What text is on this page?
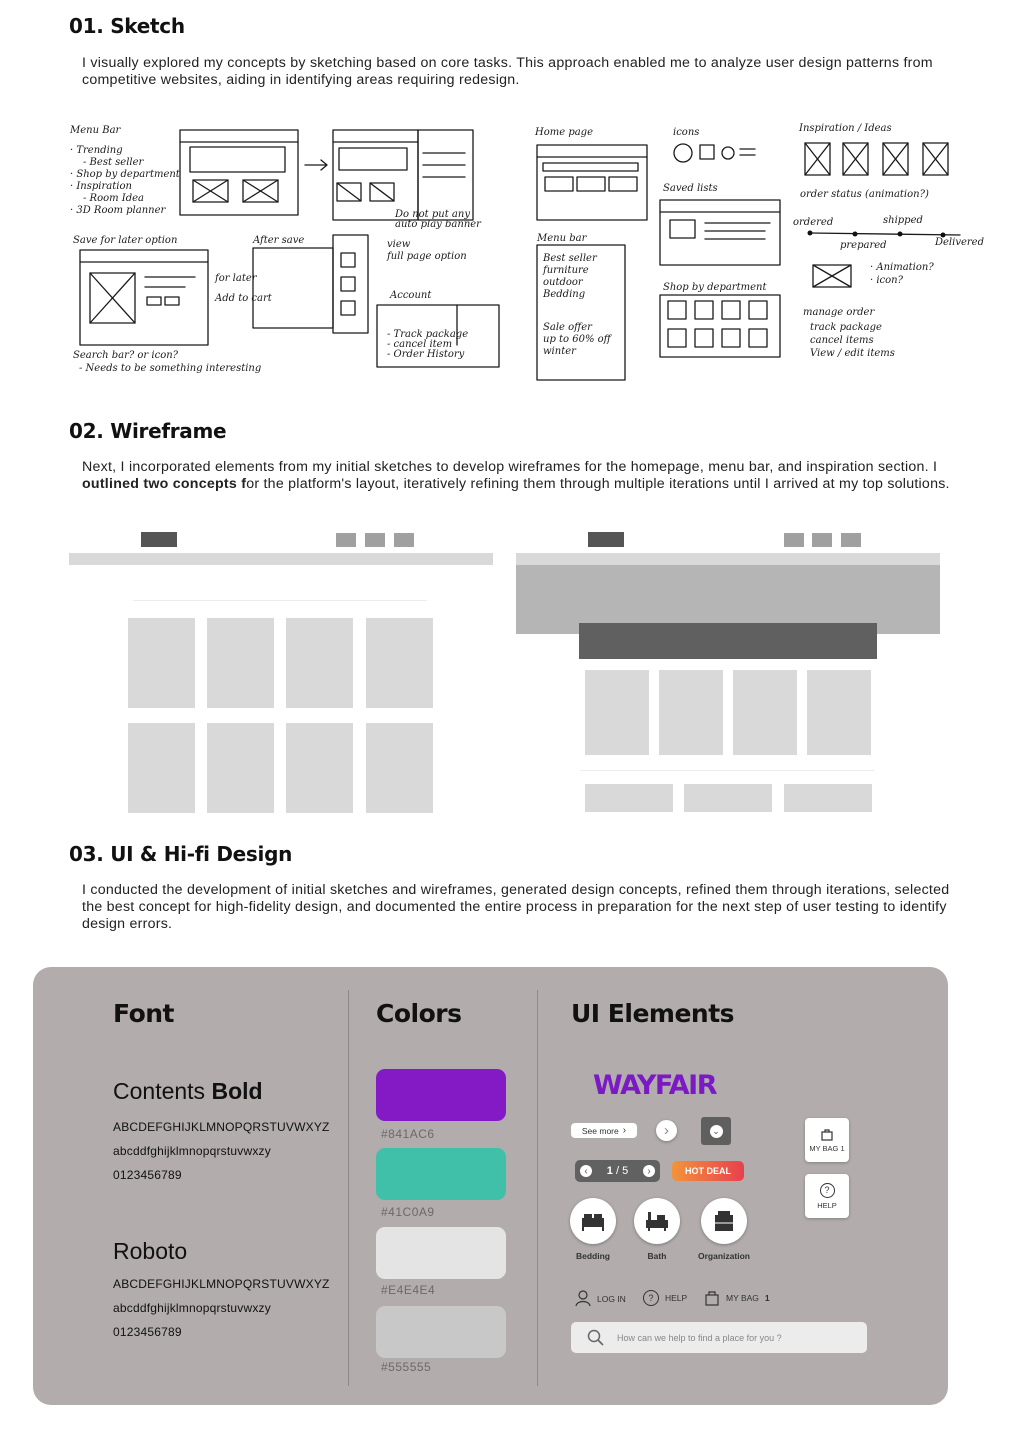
01. Sketch
I visually explored my concepts by sketching based on core tasks. This approach enabled me to analyze user design patterns from competitive websites, aiding in identifying areas requiring redesign.
Menu Bar
· Trending
- Best seller
· Shop by department
· Inspiration
- Room Idea
· 3D Room planner
Save for later option
for later
Add to cart
After save
Do not put any
auto play banner
view
full page option
Account
- Track package
- cancel item
- Order History
Search bar? or icon?
- Needs to be something interesting
Home page	icons
Saved lists
Menu bar
Best seller
furniture
outdoor
Bedding
Sale offer
up to 60% off
winter
Shop by department
Inspiration / Ideas
order status (animation?)
ordered
prepared
shipped
Delivered
· Animation?
· icon?
manage order
track package
cancel items
View / edit items
02. Wireframe
Next, I incorporated elements from my initial sketches to develop wireframes for the homepage, menu bar, and inspiration section. I outlined two concepts for the platform's layout, iteratively refining them through multiple iterations until I arrived at my top solutions.
03. UI & Hi-fi Design
I conducted the development of initial sketches and wireframes, generated design concepts, refined them through iterations, selected the best concept for high-fidelity design, and documented the entire process in preparation for the next step of user testing to identify design errors.
Font
Contents Bold
ABCDEFGHIJKLMNOPQRSTUVWXYZ
abcddfghijklmnopqrstuvwxzy
0123456789
Roboto
ABCDEFGHIJKLMNOPQRSTUVWXYZ
abcddfghijklmnopqrstuvwxzy
0123456789
Colors
#841AC6
#41C0A9
#E4E4E4
#555555
UI Elements
WAYFAIR
See more ›	›	⌄
‹	1 / 5	›	HOT DEAL
Bedding	Bath	Organization
MY BAG 1
?
HELP
LOG IN	?	HELP	MY BAG 1
How can we help to find a place for you ?
